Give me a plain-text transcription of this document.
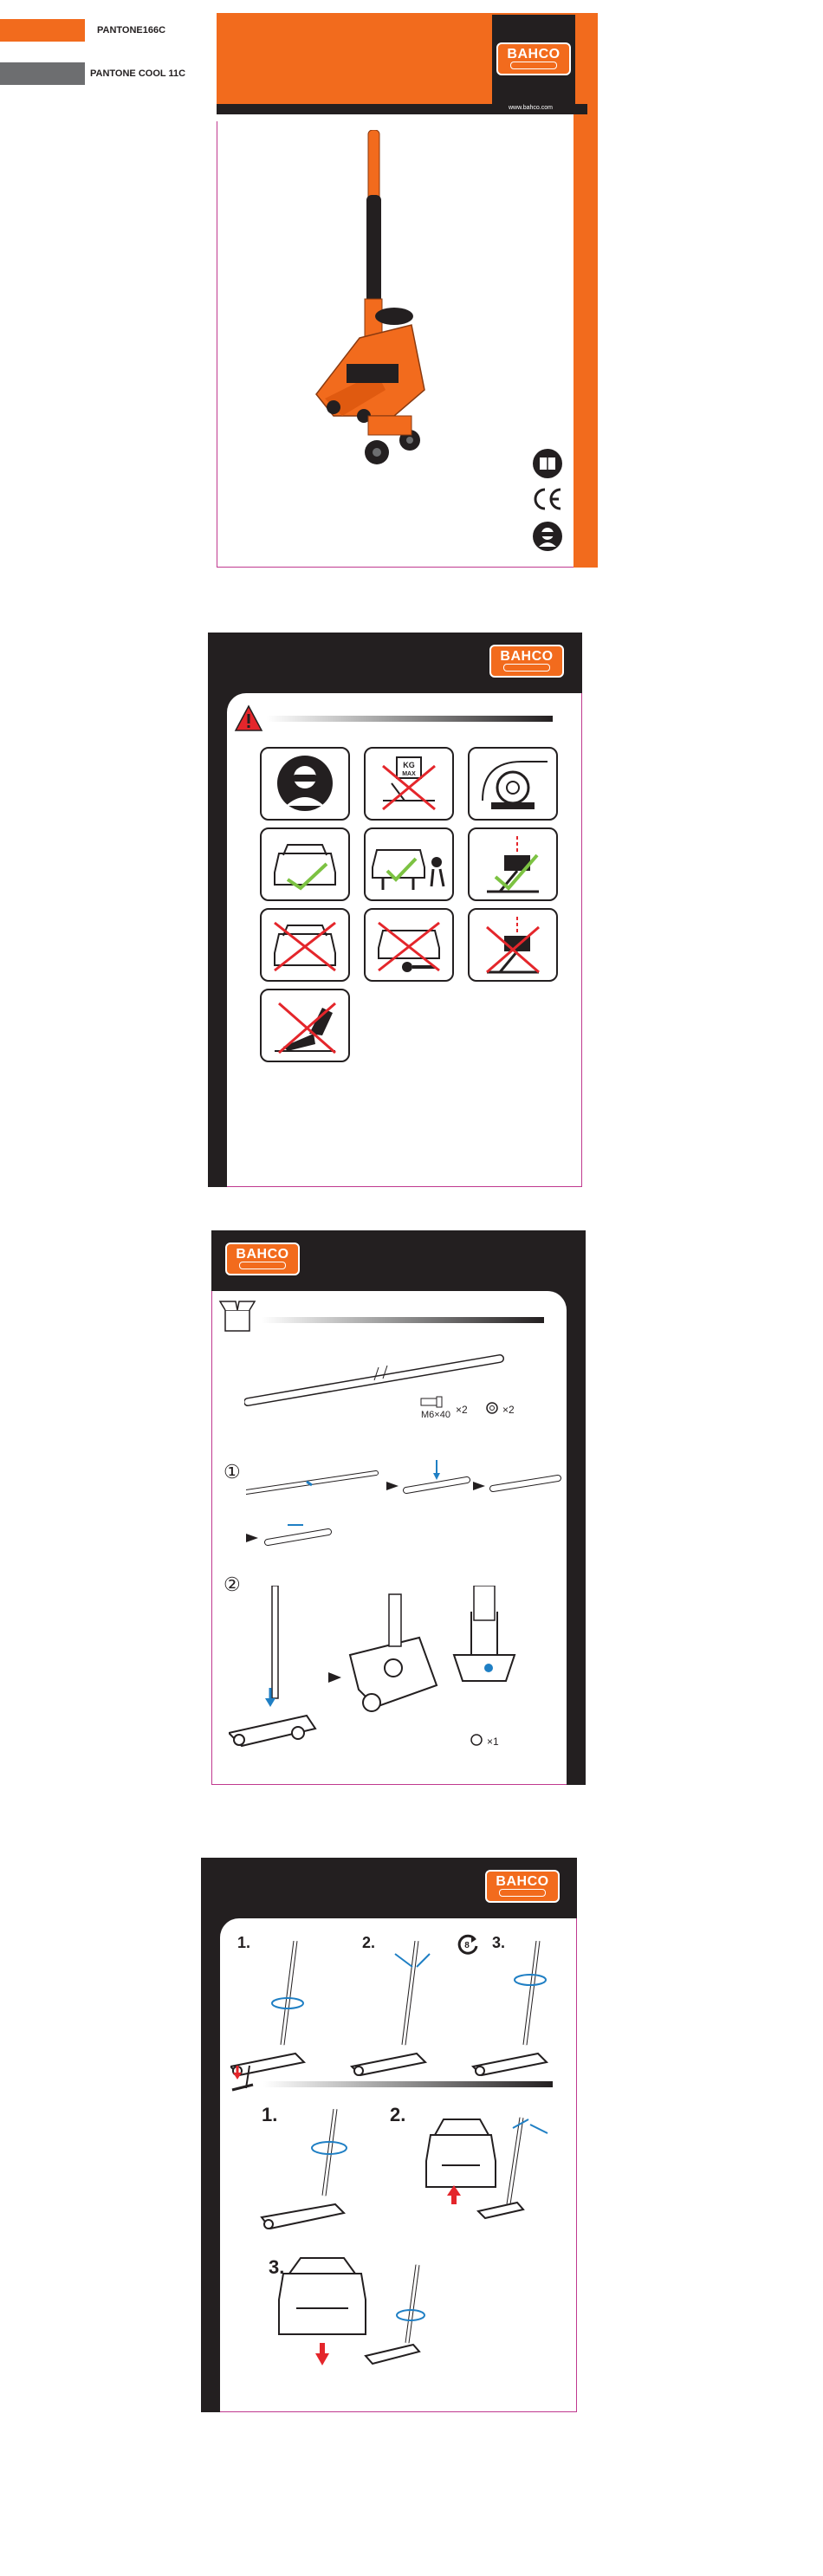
PANTONE166C
PANTONE COOL 11C
BAHCO
www.bahco.com
BAHCO
KG
MAX
BAHCO
M6×40 ×2	×2
①
②
×1
BAHCO
1.	2.	3.
8
1.	2.
3.
